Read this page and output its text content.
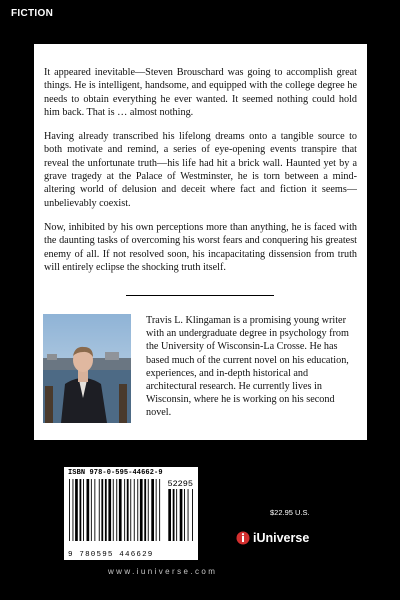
FICTION

It appeared inevitable—Steven Brouschard was going to accomplish great things. He is intelligent, handsome, and equipped with the college degree he needs to obtain everything he ever wanted. It seemed nothing could hold him back. That is … almost nothing.

Having already transcribed his lifelong dreams onto a tangible source to both motivate and remind, a series of eye-opening events transpire that reveal the unfortunate truth—his life had hit a brick wall. Haunted yet by a grave tragedy at the Palace of Westminster, he is torn between a mind-altering world of delusion and deceit where fact and fiction it seems—unbelievably coexist.

Now, inhibited by his own perceptions more than anything, he is faced with the daunting tasks of overcoming his worst fears and conquering his greatest enemy of all. If not resolved soon, his incapacitating dissension from truth will entirely eclipse the shocking truth itself.

Travis L. Klingaman is a promising young writer with an undergraduate degree in psychology from the University of Wisconsin-La Crosse. He has based much of the current novel on his education, experiences, and in-depth historical and architectural research. He currently lives in Wisconsin, where he is working on his second novel.
ISBN 978-0-595-44662-9
52295
9 780595 446629
$22.95 U.S.
iUniverse
www.iuniverse.com
